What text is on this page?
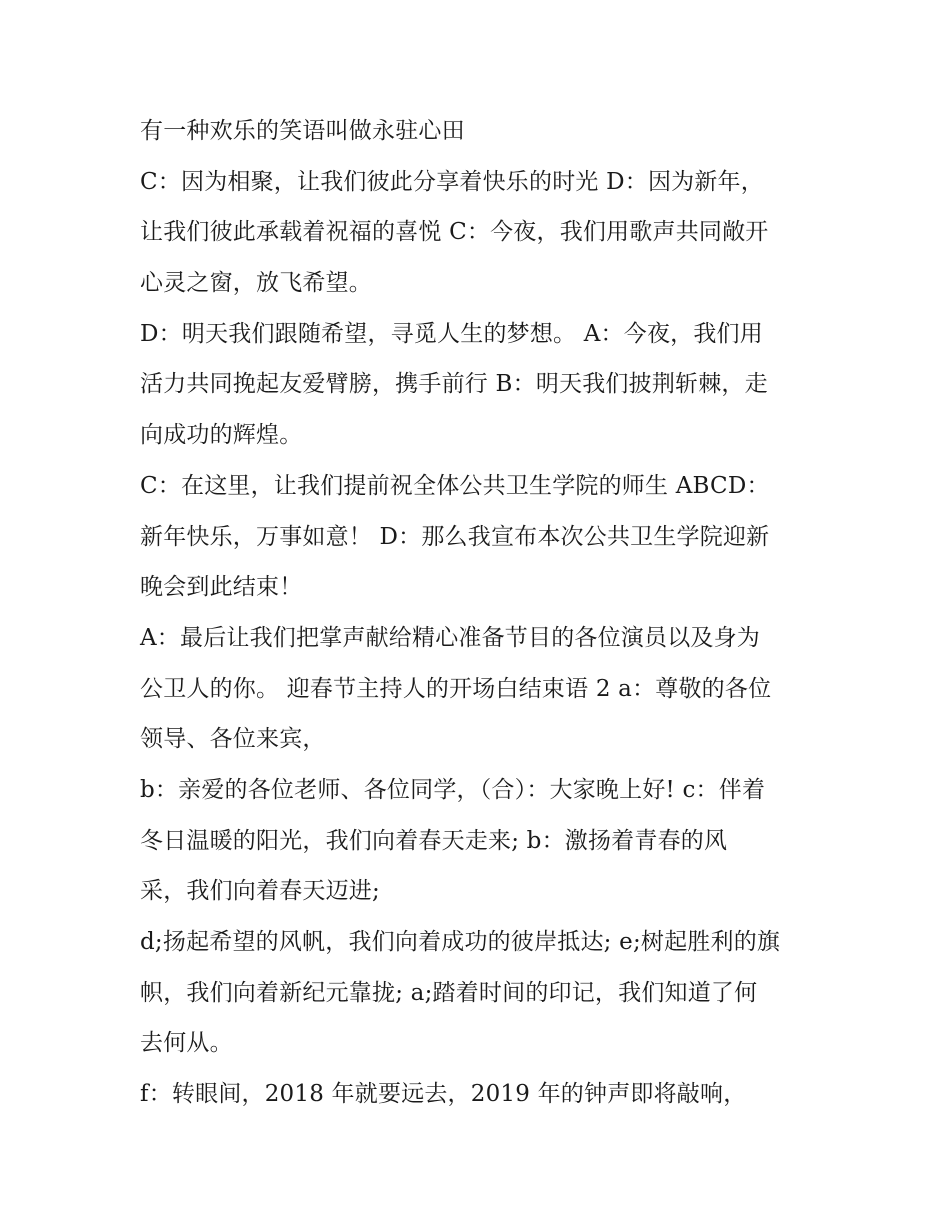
有一种欢乐的笑语叫做永驻心田
C：因为相聚，让我们彼此分享着快乐的时光 D：因为新年，
让我们彼此承载着祝福的喜悦 C：今夜，我们用歌声共同敞开
心灵之窗，放飞希望。
D：明天我们跟随希望，寻觅人生的梦想。 A：今夜，我们用
活力共同挽起友爱臂膀，携手前行 B：明天我们披荆斩棘，走
向成功的辉煌。
C：在这里，让我们提前祝全体公共卫生学院的师生 ABCD：
新年快乐，万事如意！ D：那么我宣布本次公共卫生学院迎新
晚会到此结束！
A：最后让我们把掌声献给精心准备节目的各位演员以及身为
公卫人的你。 迎春节主持人的开场白结束语 2 a：尊敬的各位
领导、各位来宾，
b：亲爱的各位老师、各位同学，（合）：大家晚上好! c：伴着
冬日温暖的阳光，我们向着春天走来; b：激扬着青春的风
采，我们向着春天迈进;
d;扬起希望的风帆，我们向着成功的彼岸抵达; e;树起胜利的旗
帜，我们向着新纪元靠拢; a;踏着时间的印记，我们知道了何
去何从。
f：转眼间，2018 年就要远去，2019 年的钟声即将敲响，
